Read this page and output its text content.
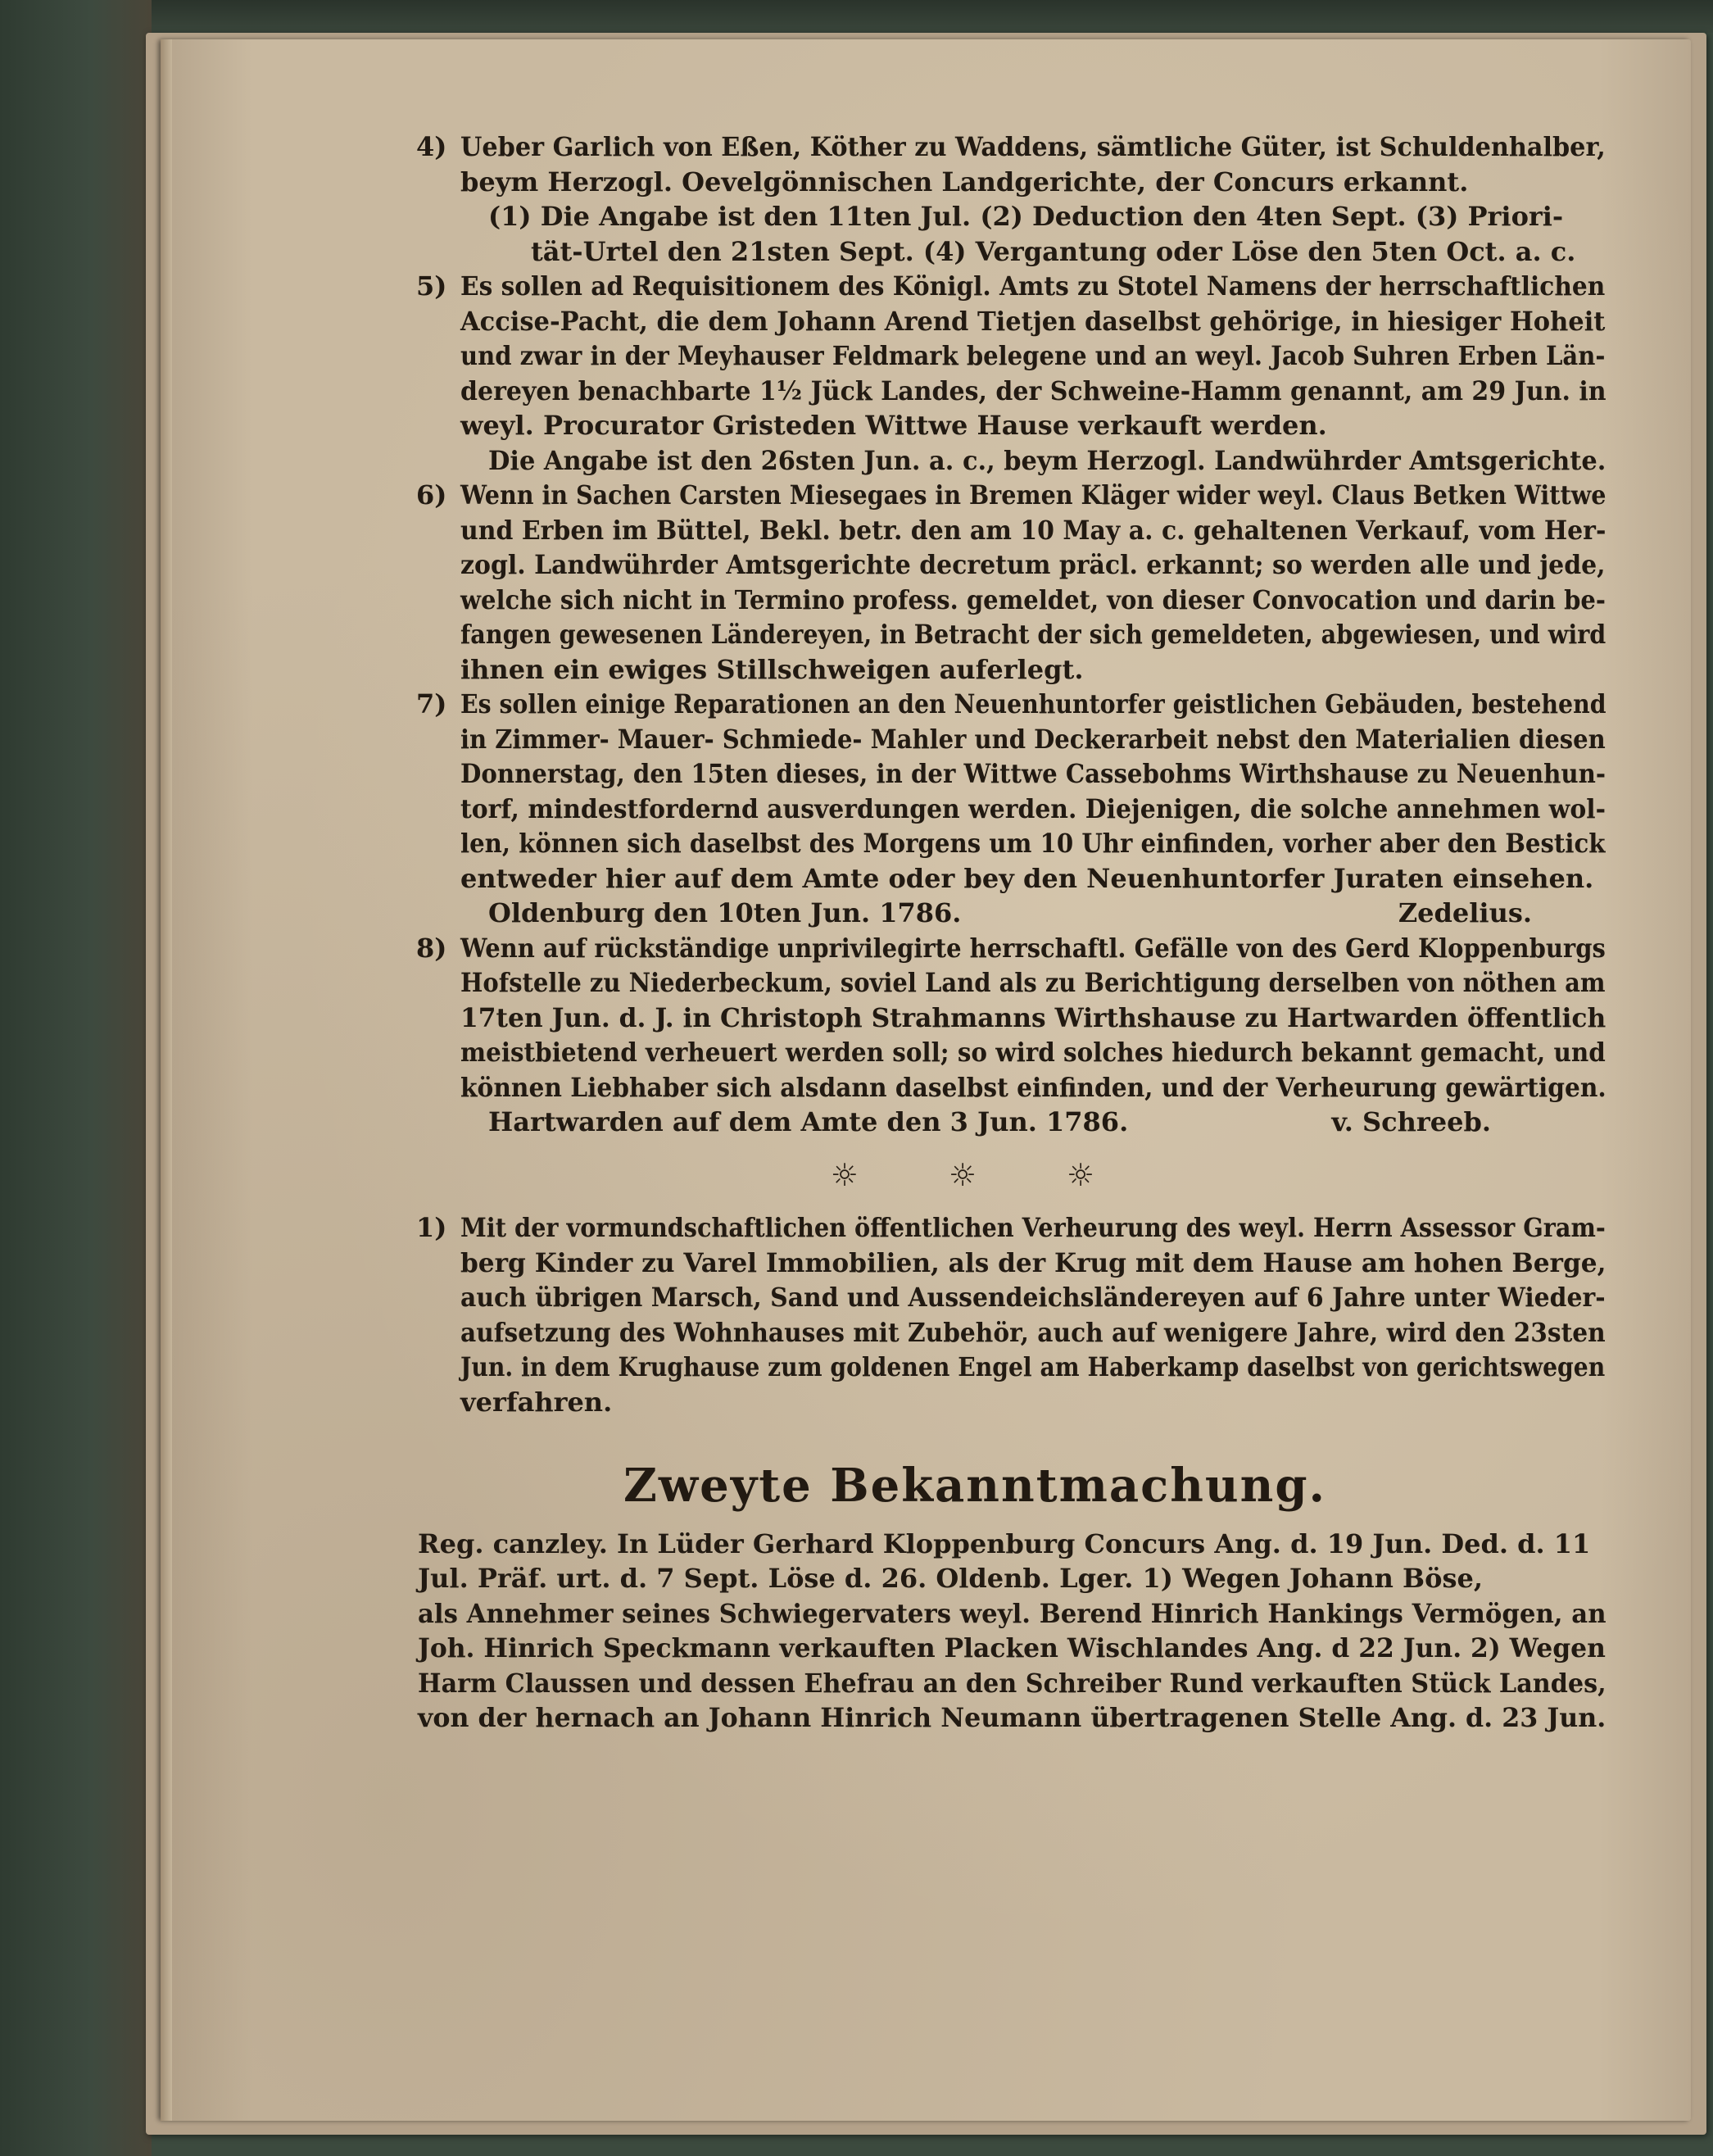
4) Ueber Garlich von Eßen, Köther zu Waddens, sämtliche Güter, ist Schuldenhalber,
beym Herzogl. Oevelgönnischen Landgerichte, der Concurs erkannt.
(1) Die Angabe ist den 11ten Jul. (2) Deduction den 4ten Sept. (3) Priori-
tät-Urtel den 21sten Sept. (4) Vergantung oder Löse den 5ten Oct. a. c.
5) Es sollen ad Requisitionem des Königl. Amts zu Stotel Namens der herrschaftlichen
Accise-Pacht, die dem Johann Arend Tietjen daselbst gehörige, in hiesiger Hoheit
und zwar in der Meyhauser Feldmark belegene und an weyl. Jacob Suhren Erben Län-
dereyen benachbarte 1½ Jück Landes, der Schweine-Hamm genannt, am 29 Jun. in
weyl. Procurator Gristeden Wittwe Hause verkauft werden.
Die Angabe ist den 26sten Jun. a. c., beym Herzogl. Landwührder Amtsgerichte.
6) Wenn in Sachen Carsten Miesegaes in Bremen Kläger wider weyl. Claus Betken Wittwe
und Erben im Büttel, Bekl. betr. den am 10 May a. c. gehaltenen Verkauf, vom Her-
zogl. Landwührder Amtsgerichte decretum präcl. erkannt; so werden alle und jede,
welche sich nicht in Termino profess. gemeldet, von dieser Convocation und darin be-
fangen gewesenen Ländereyen, in Betracht der sich gemeldeten, abgewiesen, und wird
ihnen ein ewiges Stillschweigen auferlegt.
7) Es sollen einige Reparationen an den Neuenhuntorfer geistlichen Gebäuden, bestehend
in Zimmer- Mauer- Schmiede- Mahler und Deckerarbeit nebst den Materialien diesen
Donnerstag, den 15ten dieses, in der Wittwe Cassebohms Wirthshause zu Neuenhun-
torf, mindestfordernd ausverdungen werden. Diejenigen, die solche annehmen wol-
len, können sich daselbst des Morgens um 10 Uhr einfinden, vorher aber den Bestick
entweder hier auf dem Amte oder bey den Neuenhuntorfer Juraten einsehen.
Oldenburg den 10ten Jun. 1786.	Zedelius.
8) Wenn auf rückständige unprivilegirte herrschaftl. Gefälle von des Gerd Kloppenburgs
Hofstelle zu Niederbeckum, soviel Land als zu Berichtigung derselben von nöthen am
17ten Jun. d. J. in Christoph Strahmanns Wirthshause zu Hartwarden öffentlich
meistbietend verheuert werden soll; so wird solches hiedurch bekannt gemacht, und
können Liebhaber sich alsdann daselbst einfinden, und der Verheurung gewärtigen.
Hartwarden auf dem Amte den 3 Jun. 1786.	v. Schreeb.
☼	☼	☼
1) Mit der vormundschaftlichen öffentlichen Verheurung des weyl. Herrn Assessor Gram-
berg Kinder zu Varel Immobilien, als der Krug mit dem Hause am hohen Berge,
auch übrigen Marsch, Sand und Aussendeichsländereyen auf 6 Jahre unter Wieder-
aufsetzung des Wohnhauses mit Zubehör, auch auf wenigere Jahre, wird den 23sten
Jun. in dem Krughause zum goldenen Engel am Haberkamp daselbst von gerichtswegen
verfahren.
Zweyte Bekanntmachung.
Reg. canzley. In Lüder Gerhard Kloppenburg Concurs Ang. d. 19 Jun. Ded. d. 11
Jul. Präf. urt. d. 7 Sept. Löse d. 26. Oldenb. Lger. 1) Wegen Johann Böse,
als Annehmer seines Schwiegervaters weyl. Berend Hinrich Hankings Vermögen, an
Joh. Hinrich Speckmann verkauften Placken Wischlandes Ang. d 22 Jun. 2) Wegen
Harm Claussen und dessen Ehefrau an den Schreiber Rund verkauften Stück Landes,
von der hernach an Johann Hinrich Neumann übertragenen Stelle Ang. d. 23 Jun.
